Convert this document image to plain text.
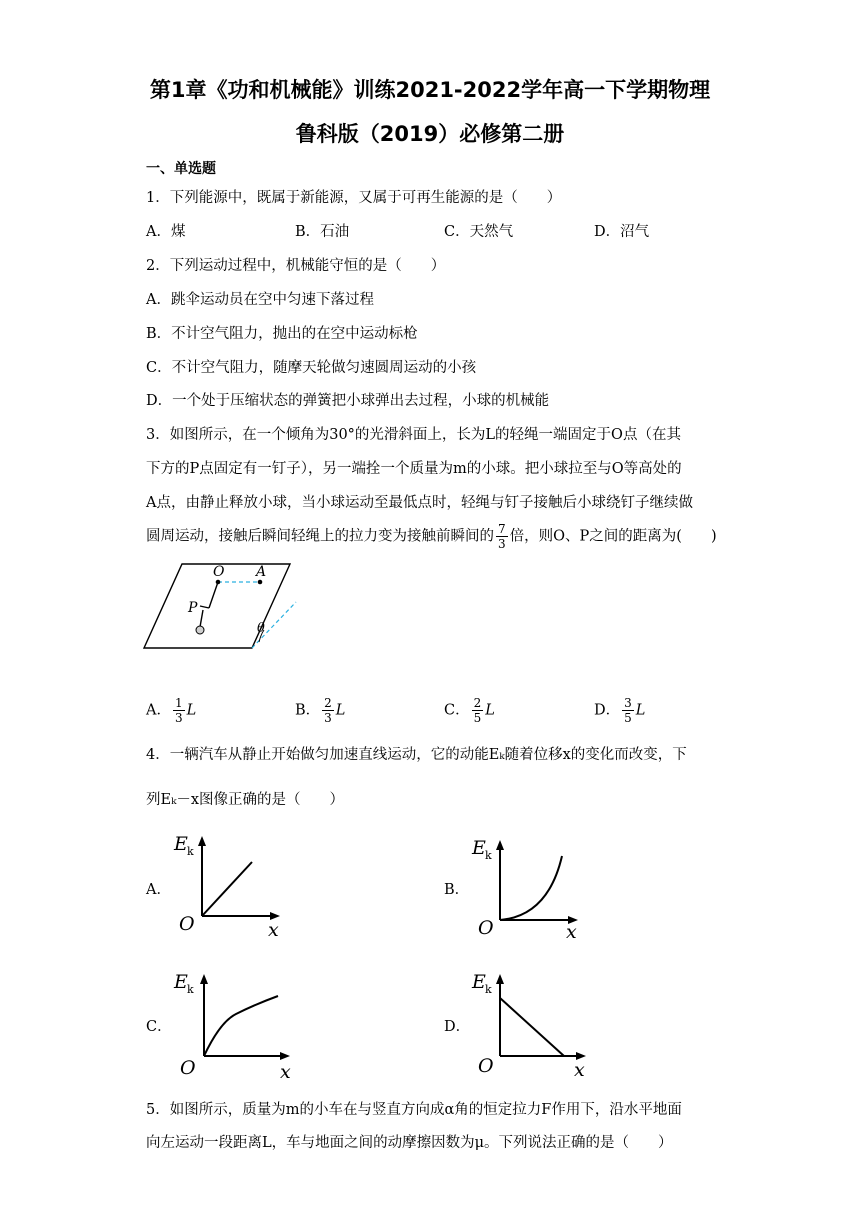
第1章《功和机械能》训练2021-2022学年高一下学期物理
鲁科版（2019）必修第二册
一、单选题
1．下列能源中，既属于新能源，又属于可再生能源的是（　　）
A．煤	B．石油	C．天然气	D．沼气
2．下列运动过程中，机械能守恒的是（　　）
A．跳伞运动员在空中匀速下落过程
B．不计空气阻力，抛出的在空中运动标枪
C．不计空气阻力，随摩天轮做匀速圆周运动的小孩
D．一个处于压缩状态的弹簧把小球弹出去过程，小球的机械能
3．如图所示，在一个倾角为30°的光滑斜面上，长为L的轻绳一端固定于O点（在其
下方的P点固定有一钉子），另一端拴一个质量为m的小球。把小球拉至与O等高处的
A点，由静止释放小球，当小球运动至最低点时，轻绳与钉子接触后小球绕钉子继续做
圆周运动，接触后瞬间轻绳上的拉力变为接触前瞬间的 $\frac{7}{3}$ 倍，则O、P之间的距离为(　　)
O A
P
θ
A． $\frac{1}{3}$ L	B． $\frac{2}{3}$ L	C． $\frac{2}{5}$ L	D． $\frac{3}{5}$ L
4．一辆汽车从静止开始做匀加速直线运动，它的动能Eₖ随着位移x的变化而改变，下
列Eₖ－x图像正确的是（　　）
A．
E k
O	x
B．
E k
O	x
C．
E k
O	x
D．
E k
O	x
5．如图所示，质量为m的小车在与竖直方向成α角的恒定拉力F作用下，沿水平地面
向左运动一段距离L，车与地面之间的动摩擦因数为μ。下列说法正确的是（　　）
